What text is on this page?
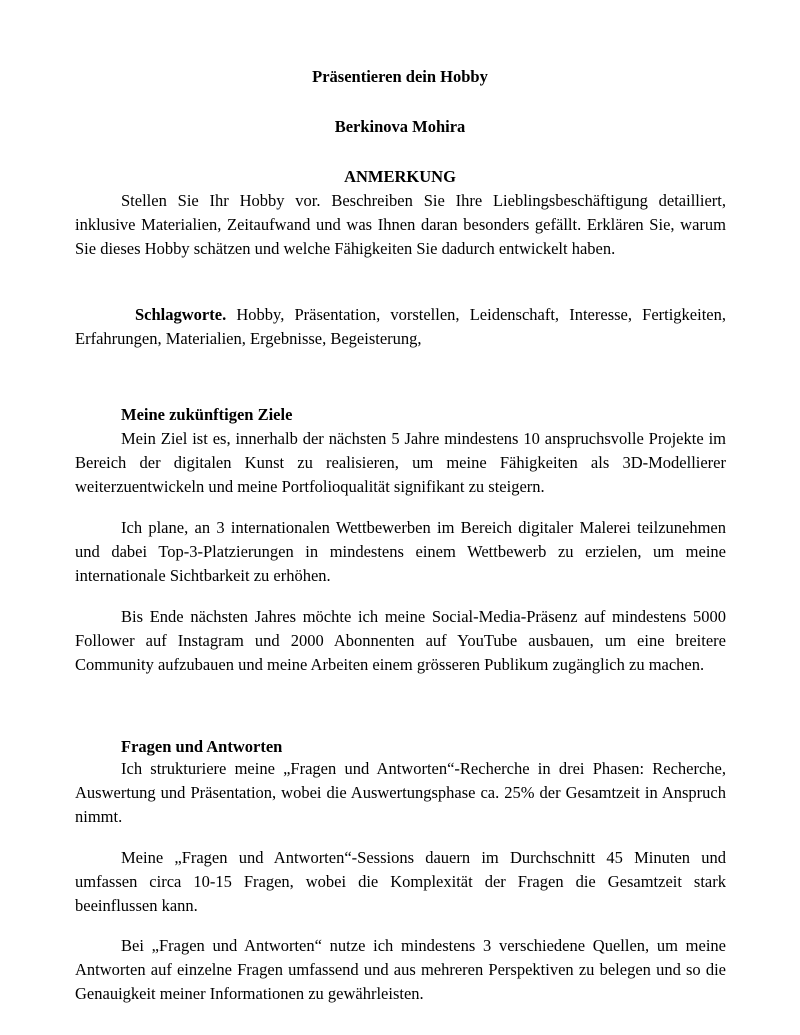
Präsentieren dein Hobby

Berkinova Mohira

ANMERKUNG

Stellen Sie Ihr Hobby vor. Beschreiben Sie Ihre Lieblingsbeschäftigung detailliert, inklusive Materialien, Zeitaufwand und was Ihnen daran besonders gefällt. Erklären Sie, warum Sie dieses Hobby schätzen und welche Fähigkeiten Sie dadurch entwickelt haben.

Schlagworte. Hobby, Präsentation, vorstellen, Leidenschaft, Interesse, Fertigkeiten, Erfahrungen, Materialien, Ergebnisse, Begeisterung,

Meine zukünftigen Ziele

Mein Ziel ist es, innerhalb der nächsten 5 Jahre mindestens 10 anspruchsvolle Projekte im Bereich der digitalen Kunst zu realisieren, um meine Fähigkeiten als 3D-Modellierer weiterzuentwickeln und meine Portfolioqualität signifikant zu steigern.

Ich plane, an 3 internationalen Wettbewerben im Bereich digitaler Malerei teilzunehmen und dabei Top-3-Platzierungen in mindestens einem Wettbewerb zu erzielen, um meine internationale Sichtbarkeit zu erhöhen.

Bis Ende nächsten Jahres möchte ich meine Social-Media-Präsenz auf mindestens 5000 Follower auf Instagram und 2000 Abonnenten auf YouTube ausbauen, um eine breitere Community aufzubauen und meine Arbeiten einem grösseren Publikum zugänglich zu machen.

Fragen und Antworten

Ich strukturiere meine „Fragen und Antworten“-Recherche in drei Phasen: Recherche, Auswertung und Präsentation, wobei die Auswertungsphase ca. 25% der Gesamtzeit in Anspruch nimmt.

Meine „Fragen und Antworten“-Sessions dauern im Durchschnitt 45 Minuten und umfassen circa 10-15 Fragen, wobei die Komplexität der Fragen die Gesamtzeit stark beeinflussen kann.

Bei „Fragen und Antworten“ nutze ich mindestens 3 verschiedene Quellen, um meine Antworten auf einzelne Fragen umfassend und aus mehreren Perspektiven zu belegen und so die Genauigkeit meiner Informationen zu gewährleisten.
